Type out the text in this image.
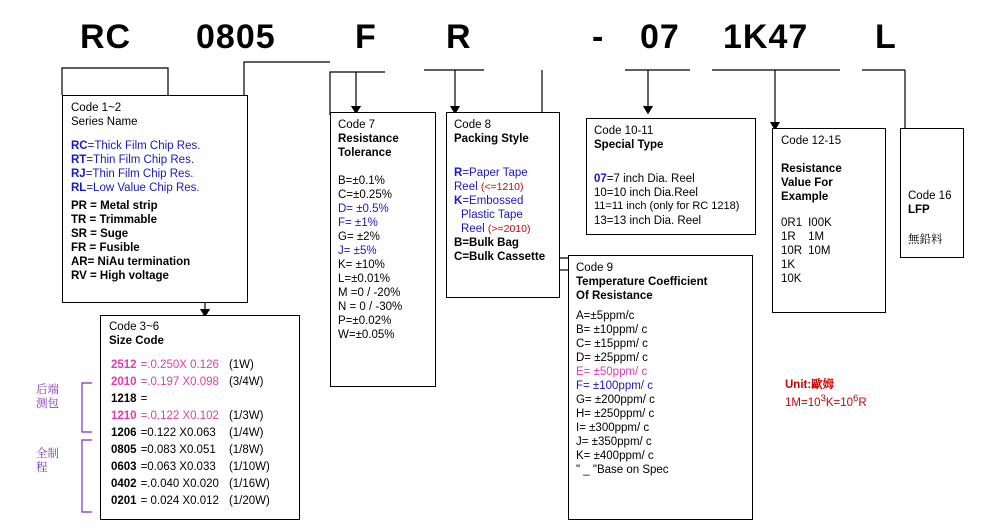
RC 0805 F R	- 07 1K47 L
Code 1~2
Series Name
RC=Thick Film Chip Res.
RT=Thin Film Chip Res.
RJ=Thin Film Chip Res.
RL=Low Value Chip Res.
PR = Metal strip
TR = Trimmable
SR = Suge
FR = Fusible
AR= NiAu termination
RV = High voltage
Code 3~6
Size Code
2512	=.0.250X 0.126	(1W)
2010	=.0.197 X0.098	(3/4W)
1218	=	
1210	=.0.122 X0.102	(1/3W)
1206	=0.122 X0.063	(1/4W)
0805	=0.083 X0.051	(1/8W)
0603	=0.063 X0.033	(1/10W)
0402	=.0.040 X0.020	(1/16W)
0201	= 0.024 X0.012	(1/20W)
后端
测包
全制
程
Code 7
Resistance
Tolerance
B=±0.1%
C=±0.25%
D= ±0.5%
F= ±1%
G= ±2%
J= ±5%
K= ±10%
L=±0.01%
M =0 / -20%
N = 0 / -30%
P=±0.02%
W=±0.05%
Code 8
Packing Style
R=Paper Tape
Reel (<=1210)
K=Embossed
Plastic Tape
Reel (>=2010)
B=Bulk Bag
C=Bulk Cassette
Code 9
Temperature Coefficient
Of Resistance
A=±5ppm/c
B= ±10ppm/ c
C= ±15ppm/ c
D= ±25ppm/ c
E= ±50ppm/ c
F= ±100ppm/ c
G= ±200ppm/ c
H= ±250ppm/ c
I= ±300ppm/ c
J= ±350ppm/ c
K= ±400ppm/ c
" _ "Base on Spec
Code 10-11
Special Type
07=7 inch Dia. Reel
10=10 inch Dia.Reel
11=11 inch (only for RC 1218)
13=13 inch Dia. Reel
Code 12-15
Resistance
Value For
Example
0R1	I00K
1R	1M
10R	10M
1K	
10K	
Code 16
LFP
無鉛料
Unit:歐姆
$1M=10^3K=10^6R$
